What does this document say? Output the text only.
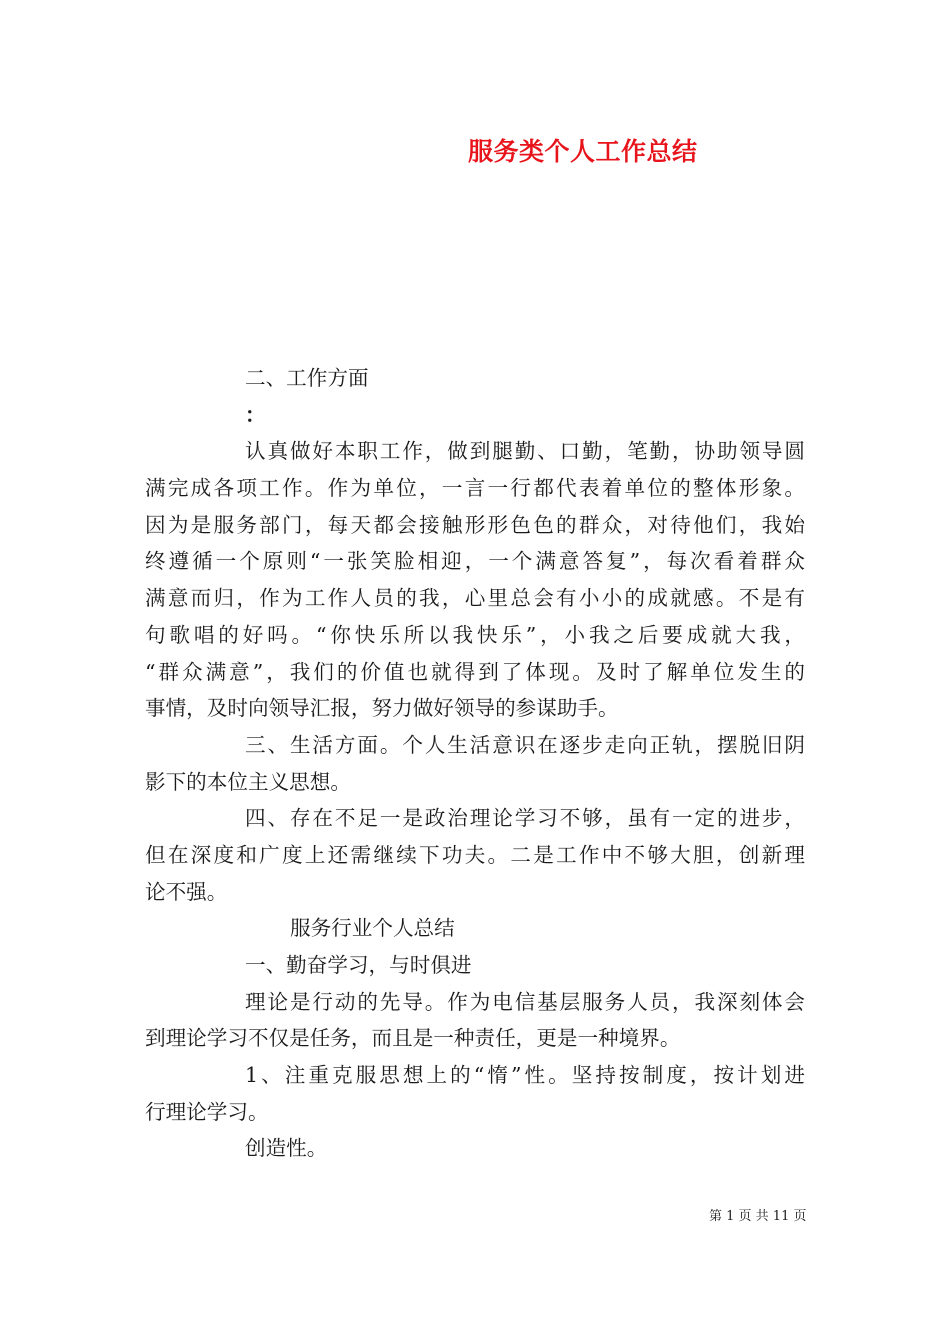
服务类个人工作总结
二、工作方面
：
认真做好本职工作，做到腿勤、口勤，笔勤，协助领导圆
满完成各项工作。作为单位，一言一行都代表着单位的整体形象。
因为是服务部门，每天都会接触形形色色的群众，对待他们，我始
终遵循一个原则“一张笑脸相迎，一个满意答复”，每次看着群众
满意而归，作为工作人员的我，心里总会有小小的成就感。不是有
句歌唱的好吗。“你快乐所以我快乐”，小我之后要成就大我，
“群众满意”，我们的价值也就得到了体现。及时了解单位发生的
事情，及时向领导汇报，努力做好领导的参谋助手。
三、生活方面。个人生活意识在逐步走向正轨，摆脱旧阴
影下的本位主义思想。
四、存在不足一是政治理论学习不够，虽有一定的进步，
但在深度和广度上还需继续下功夫。二是工作中不够大胆，创新理
论不强。
服务行业个人总结
一、勤奋学习，与时俱进
理论是行动的先导。作为电信基层服务人员，我深刻体会
到理论学习不仅是任务，而且是一种责任，更是一种境界。
1、注重克服思想上的“惰”性。坚持按制度，按计划进
行理论学习。
创造性。
第 1 页 共 11 页
